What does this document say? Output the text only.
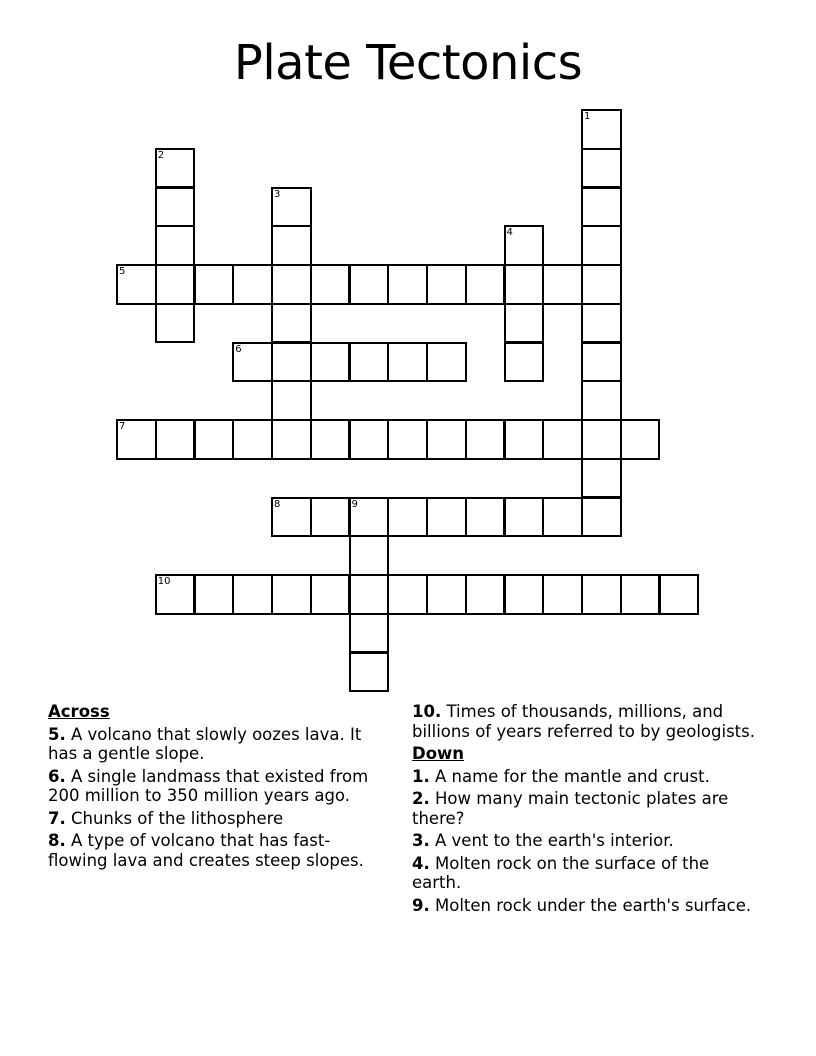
Plate Tectonics
1
2
3
4
5
6
7
8	9
10
Across
5. A volcano that slowly oozes lava. It has a gentle slope.
6. A single landmass that existed from 200 million to 350 million years ago.
7. Chunks of the lithosphere
8. A type of volcano that has fast-flowing lava and creates steep slopes.
10. Times of thousands, millions, and billions of years referred to by geologists.
Down
1. A name for the mantle and crust.
2. How many main tectonic plates are there?
3. A vent to the earth's interior.
4. Molten rock on the surface of the earth.
9. Molten rock under the earth's surface.
